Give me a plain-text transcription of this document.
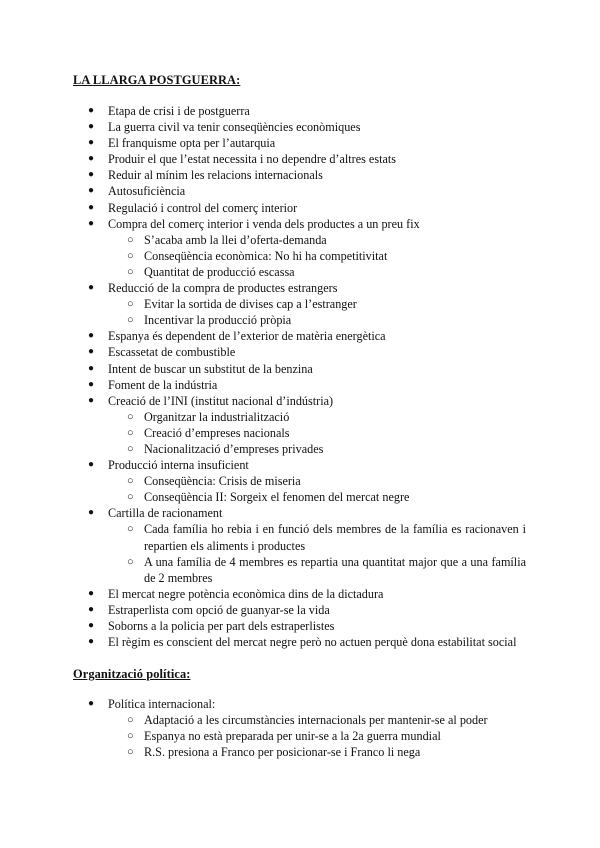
LA LLARGA POSTGUERRA:
● Etapa de crisi i de postguerra
● La guerra civil va tenir conseqüències econòmiques
● El franquisme opta per l’autarquia
● Produir el que l’estat necessita i no dependre d’altres estats
● Reduir al mínim les relacions internacionals
● Autosuficiència
● Regulació i control del comerç interior
● Compra del comerç interior i venda dels productes a un preu fix
○ S’acaba amb la llei d’oferta-demanda
○ Conseqüència econòmica: No hi ha competitivitat
○ Quantitat de producció escassa
● Reducció de la compra de productes estrangers
○ Evitar la sortida de divises cap a l’estranger
○ Incentivar la producció pròpia
● Espanya és dependent de l’exterior de matèria energètica
● Escassetat de combustible
● Intent de buscar un substitut de la benzina
● Foment de la indústria
● Creació de l’INI (institut nacional d’indústria)
○ Organitzar la industrialització
○ Creació d’empreses nacionals
○ Nacionalització d’empreses privades
● Producció interna insuficient
○ Conseqüència: Crisis de miseria
○ Conseqüència II: Sorgeix el fenomen del mercat negre
● Cartilla de racionament
○ Cada família ho rebia i en funció dels membres de la família es racionaven i repartien els aliments i productes
○ A una família de 4 membres es repartia una quantitat major que a una família de 2 membres
● El mercat negre potència econòmica dins de la dictadura
● Estraperlista com opció de guanyar-se la vida
● Soborns a la policia per part dels estraperlistes
● El règim es conscient del mercat negre però no actuen perquè dona estabilitat social
Organització política:
● Política internacional:
○ Adaptació a les circumstàncies internacionals per mantenir-se al poder
○ Espanya no està preparada per unir-se a la 2a guerra mundial
○ R.S. presiona a Franco per posicionar-se i Franco li nega
